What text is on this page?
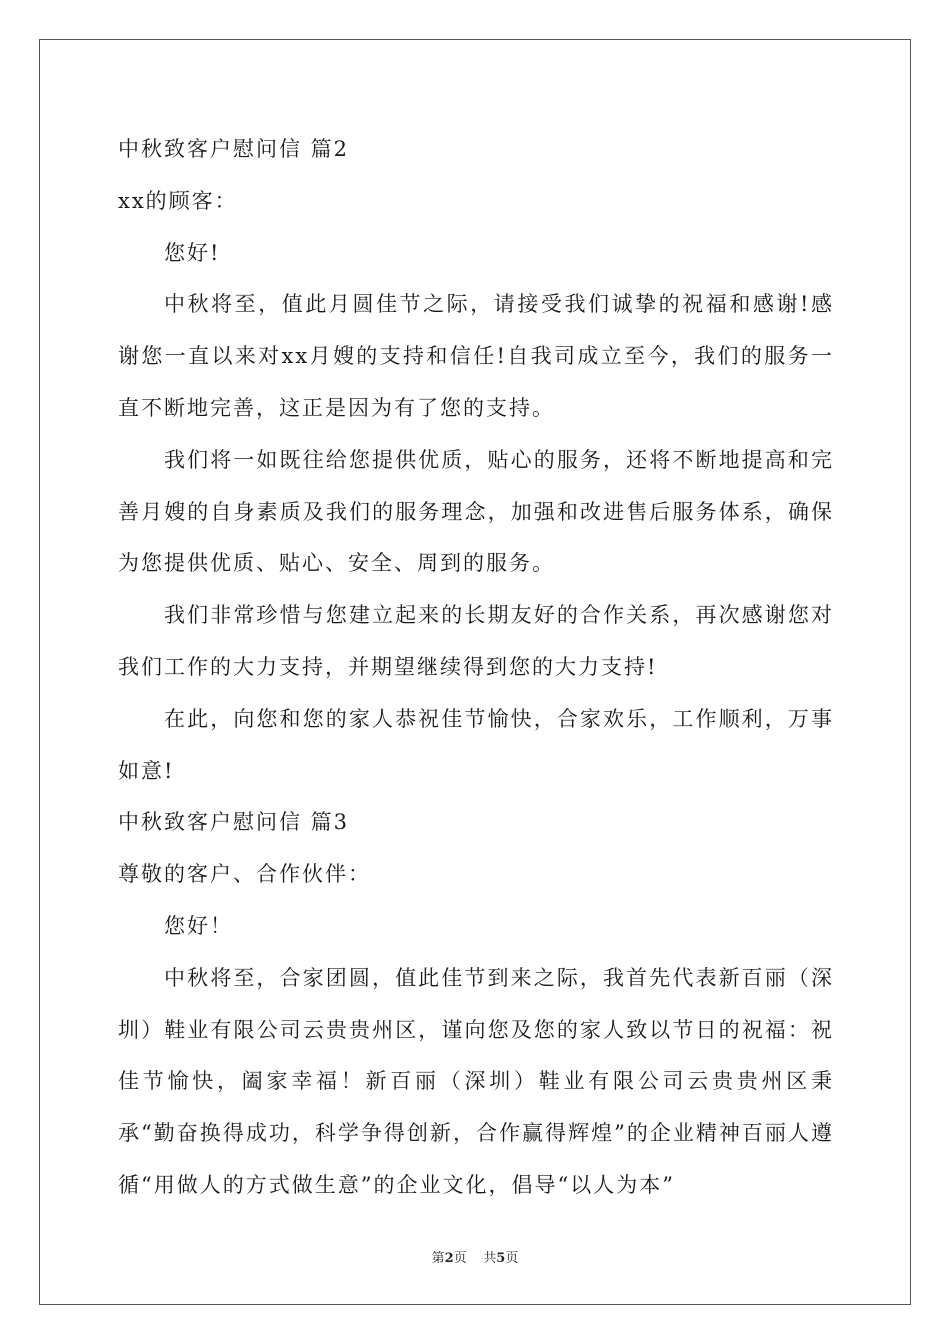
中秋致客户慰问信 篇2

xx的顾客：

您好!

中秋将至，值此月圆佳节之际，请接受我们诚挚的祝福和感谢!感谢您一直以来对xx月嫂的支持和信任!自我司成立至今，我们的服务一直不断地完善，这正是因为有了您的支持。

我们将一如既往给您提供优质，贴心的服务，还将不断地提高和完善月嫂的自身素质及我们的服务理念，加强和改进售后服务体系，确保为您提供优质、贴心、安全、周到的服务。

我们非常珍惜与您建立起来的长期友好的合作关系，再次感谢您对我们工作的大力支持，并期望继续得到您的大力支持!

在此，向您和您的家人恭祝佳节愉快，合家欢乐，工作顺利，万事如意!

中秋致客户慰问信 篇3

尊敬的客户、合作伙伴：

您好！

中秋将至，合家团圆，值此佳节到来之际，我首先代表新百丽（深圳）鞋业有限公司云贵贵州区，谨向您及您的家人致以节日的祝福：祝佳节愉快，阖家幸福！新百丽（深圳）鞋业有限公司云贵贵州区秉承“勤奋换得成功，科学争得创新，合作赢得辉煌”的企业精神百丽人遵循“用做人的方式做生意”的企业文化，倡导“以人为本”

第2页 共5页
